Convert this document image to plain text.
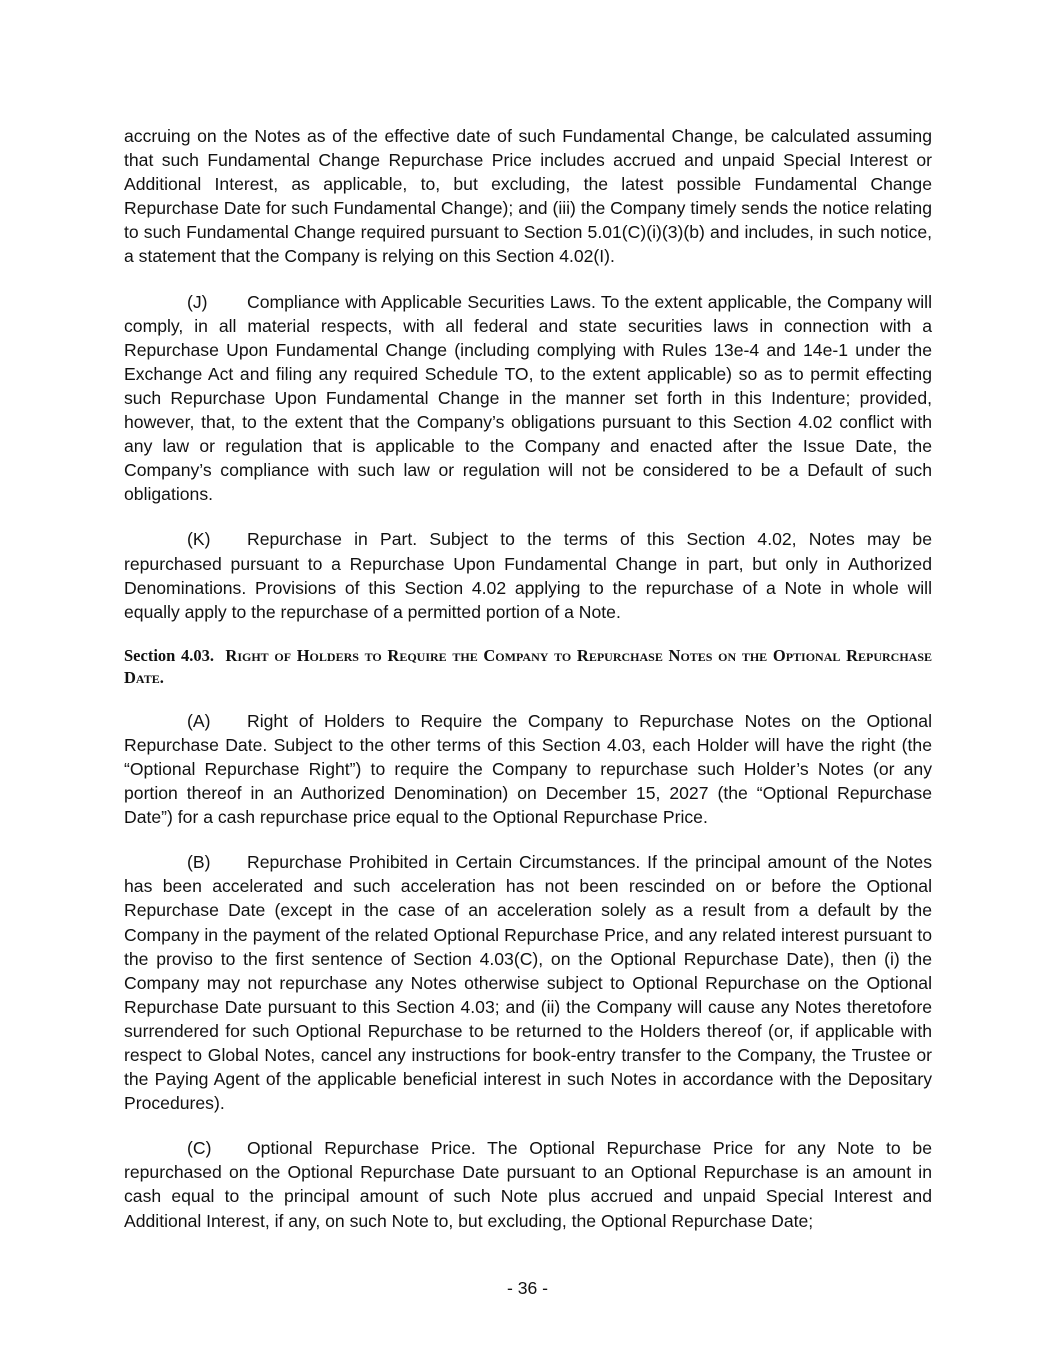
accruing on the Notes as of the effective date of such Fundamental Change, be calculated assuming that such Fundamental Change Repurchase Price includes accrued and unpaid Special Interest or Additional Interest, as applicable, to, but excluding, the latest possible Fundamental Change Repurchase Date for such Fundamental Change); and (iii) the Company timely sends the notice relating to such Fundamental Change required pursuant to Section 5.01(C)(i)(3)(b) and includes, in such notice, a statement that the Company is relying on this Section 4.02(I).

(J) Compliance with Applicable Securities Laws. To the extent applicable, the Company will comply, in all material respects, with all federal and state securities laws in connection with a Repurchase Upon Fundamental Change (including complying with Rules 13e-4 and 14e-1 under the Exchange Act and filing any required Schedule TO, to the extent applicable) so as to permit effecting such Repurchase Upon Fundamental Change in the manner set forth in this Indenture; provided, however, that, to the extent that the Company’s obligations pursuant to this Section 4.02 conflict with any law or regulation that is applicable to the Company and enacted after the Issue Date, the Company’s compliance with such law or regulation will not be considered to be a Default of such obligations.

(K) Repurchase in Part. Subject to the terms of this Section 4.02, Notes may be repurchased pursuant to a Repurchase Upon Fundamental Change in part, but only in Authorized Denominations. Provisions of this Section 4.02 applying to the repurchase of a Note in whole will equally apply to the repurchase of a permitted portion of a Note.

Section 4.03. Right of Holders to Require the Company to Repurchase Notes on the Optional Repurchase Date.

(A) Right of Holders to Require the Company to Repurchase Notes on the Optional Repurchase Date. Subject to the other terms of this Section 4.03, each Holder will have the right (the “Optional Repurchase Right”) to require the Company to repurchase such Holder’s Notes (or any portion thereof in an Authorized Denomination) on December 15, 2027 (the “Optional Repurchase Date”) for a cash repurchase price equal to the Optional Repurchase Price.

(B) Repurchase Prohibited in Certain Circumstances. If the principal amount of the Notes has been accelerated and such acceleration has not been rescinded on or before the Optional Repurchase Date (except in the case of an acceleration solely as a result from a default by the Company in the payment of the related Optional Repurchase Price, and any related interest pursuant to the proviso to the first sentence of Section 4.03(C), on the Optional Repurchase Date), then (i) the Company may not repurchase any Notes otherwise subject to Optional Repurchase on the Optional Repurchase Date pursuant to this Section 4.03; and (ii) the Company will cause any Notes theretofore surrendered for such Optional Repurchase to be returned to the Holders thereof (or, if applicable with respect to Global Notes, cancel any instructions for book-entry transfer to the Company, the Trustee or the Paying Agent of the applicable beneficial interest in such Notes in accordance with the Depositary Procedures).

(C) Optional Repurchase Price. The Optional Repurchase Price for any Note to be repurchased on the Optional Repurchase Date pursuant to an Optional Repurchase is an amount in cash equal to the principal amount of such Note plus accrued and unpaid Special Interest and Additional Interest, if any, on such Note to, but excluding, the Optional Repurchase Date;

- 36 -
